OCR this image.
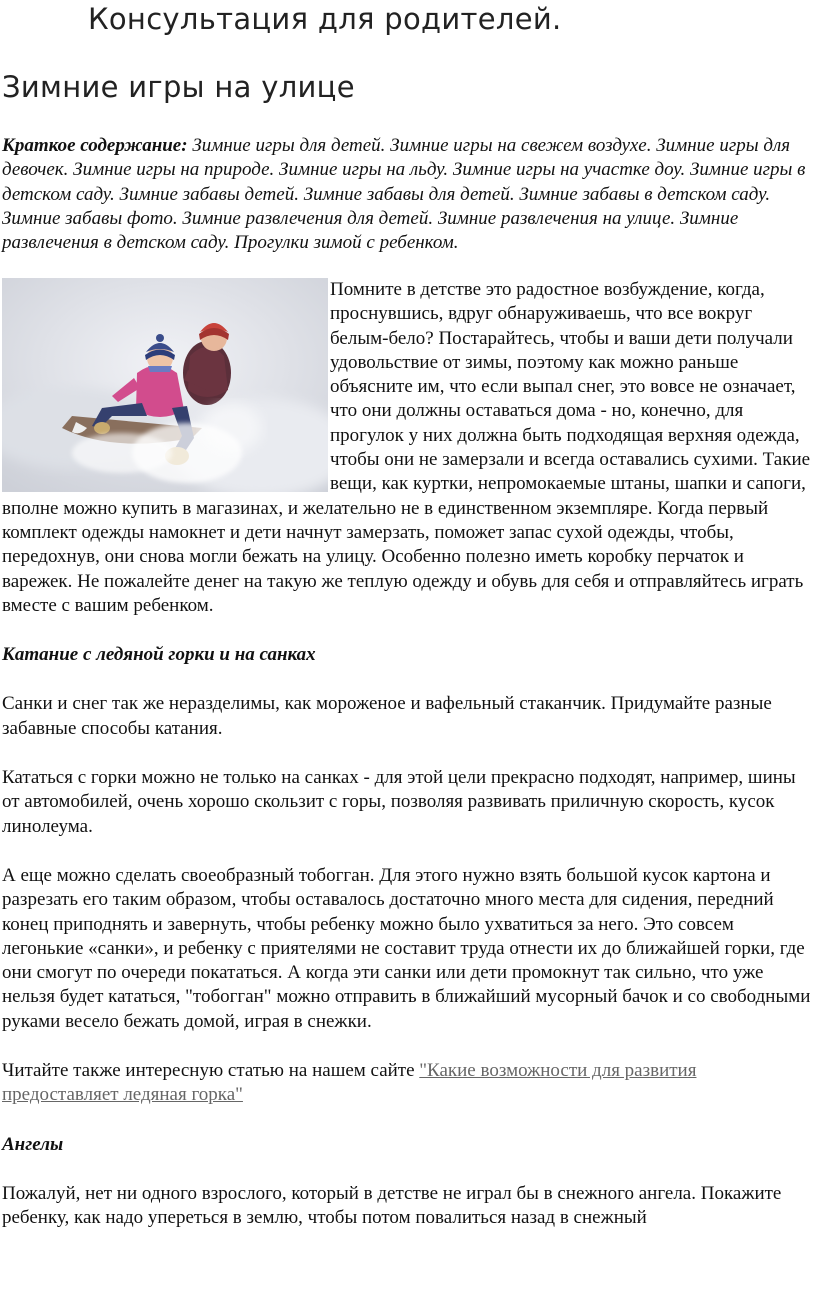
Консультация для родителей.
Зимние игры на улице

Краткое содержание: Зимние игры для детей. Зимние игры на свежем воздухе. Зимние игры для девочек. Зимние игры на природе. Зимние игры на льду. Зимние игры на участке доу. Зимние игры в детском саду. Зимние забавы детей. Зимние забавы для детей. Зимние забавы в детском саду. Зимние забавы фото. Зимние развлечения для детей. Зимние развлечения на улице. Зимние развлечения в детском саду. Прогулки зимой с ребенком.

Помните в детстве это радостное возбуждение, когда, проснувшись, вдруг обнаруживаешь, что все вокруг белым-бело? Постарайтесь, чтобы и ваши дети получали удовольствие от зимы, поэтому как можно раньше объясните им, что если выпал снег, это вовсе не означает, что они должны оставаться дома - но, конечно, для прогулок у них должна быть подходящая верхняя одежда, чтобы они не замерзали и всегда оставались сухими. Такие вещи, как куртки, непромокаемые штаны, шапки и сапоги, вполне можно купить в магазинах, и желательно не в единственном экземпляре. Когда первый комплект одежды намокнет и дети начнут замерзать, поможет запас сухой одежды, чтобы, передохнув, они снова могли бежать на улицу. Особенно полезно иметь коробку перчаток и варежек. Не пожалейте денег на такую же теплую одежду и обувь для себя и отправляйтесь играть вместе с вашим ребенком.

Катание с ледяной горки и на санках

Санки и снег так же неразделимы, как мороженое и вафельный стаканчик. Придумайте разные забавные способы катания.

Кататься с горки можно не только на санках - для этой цели прекрасно подходят, например, шины от автомобилей, очень хорошо скользит с горы, позволяя развивать приличную скорость, кусок линолеума.

А еще можно сделать своеобразный тобогган. Для этого нужно взять большой кусок картона и разрезать его таким образом, чтобы оставалось достаточно много места для сидения, передний конец приподнять и завернуть, чтобы ребенку можно было ухватиться за него. Это совсем легонькие «санки», и ребенку с приятелями не составит труда отнести их до ближайшей горки, где они смогут по очереди покататься. А когда эти санки или дети промокнут так сильно, что уже нельзя будет кататься, "тобогган" можно отправить в ближайший мусорный бачок и со свободными руками весело бежать домой, играя в снежки.

Читайте также интересную статью на нашем сайте "Какие возможности для развития предоставляет ледяная горка"

Ангелы

Пожалуй, нет ни одного взрослого, который в детстве не играл бы в снежного ангела. Покажите ребенку, как надо упереться в землю, чтобы потом повалиться назад в снежный
